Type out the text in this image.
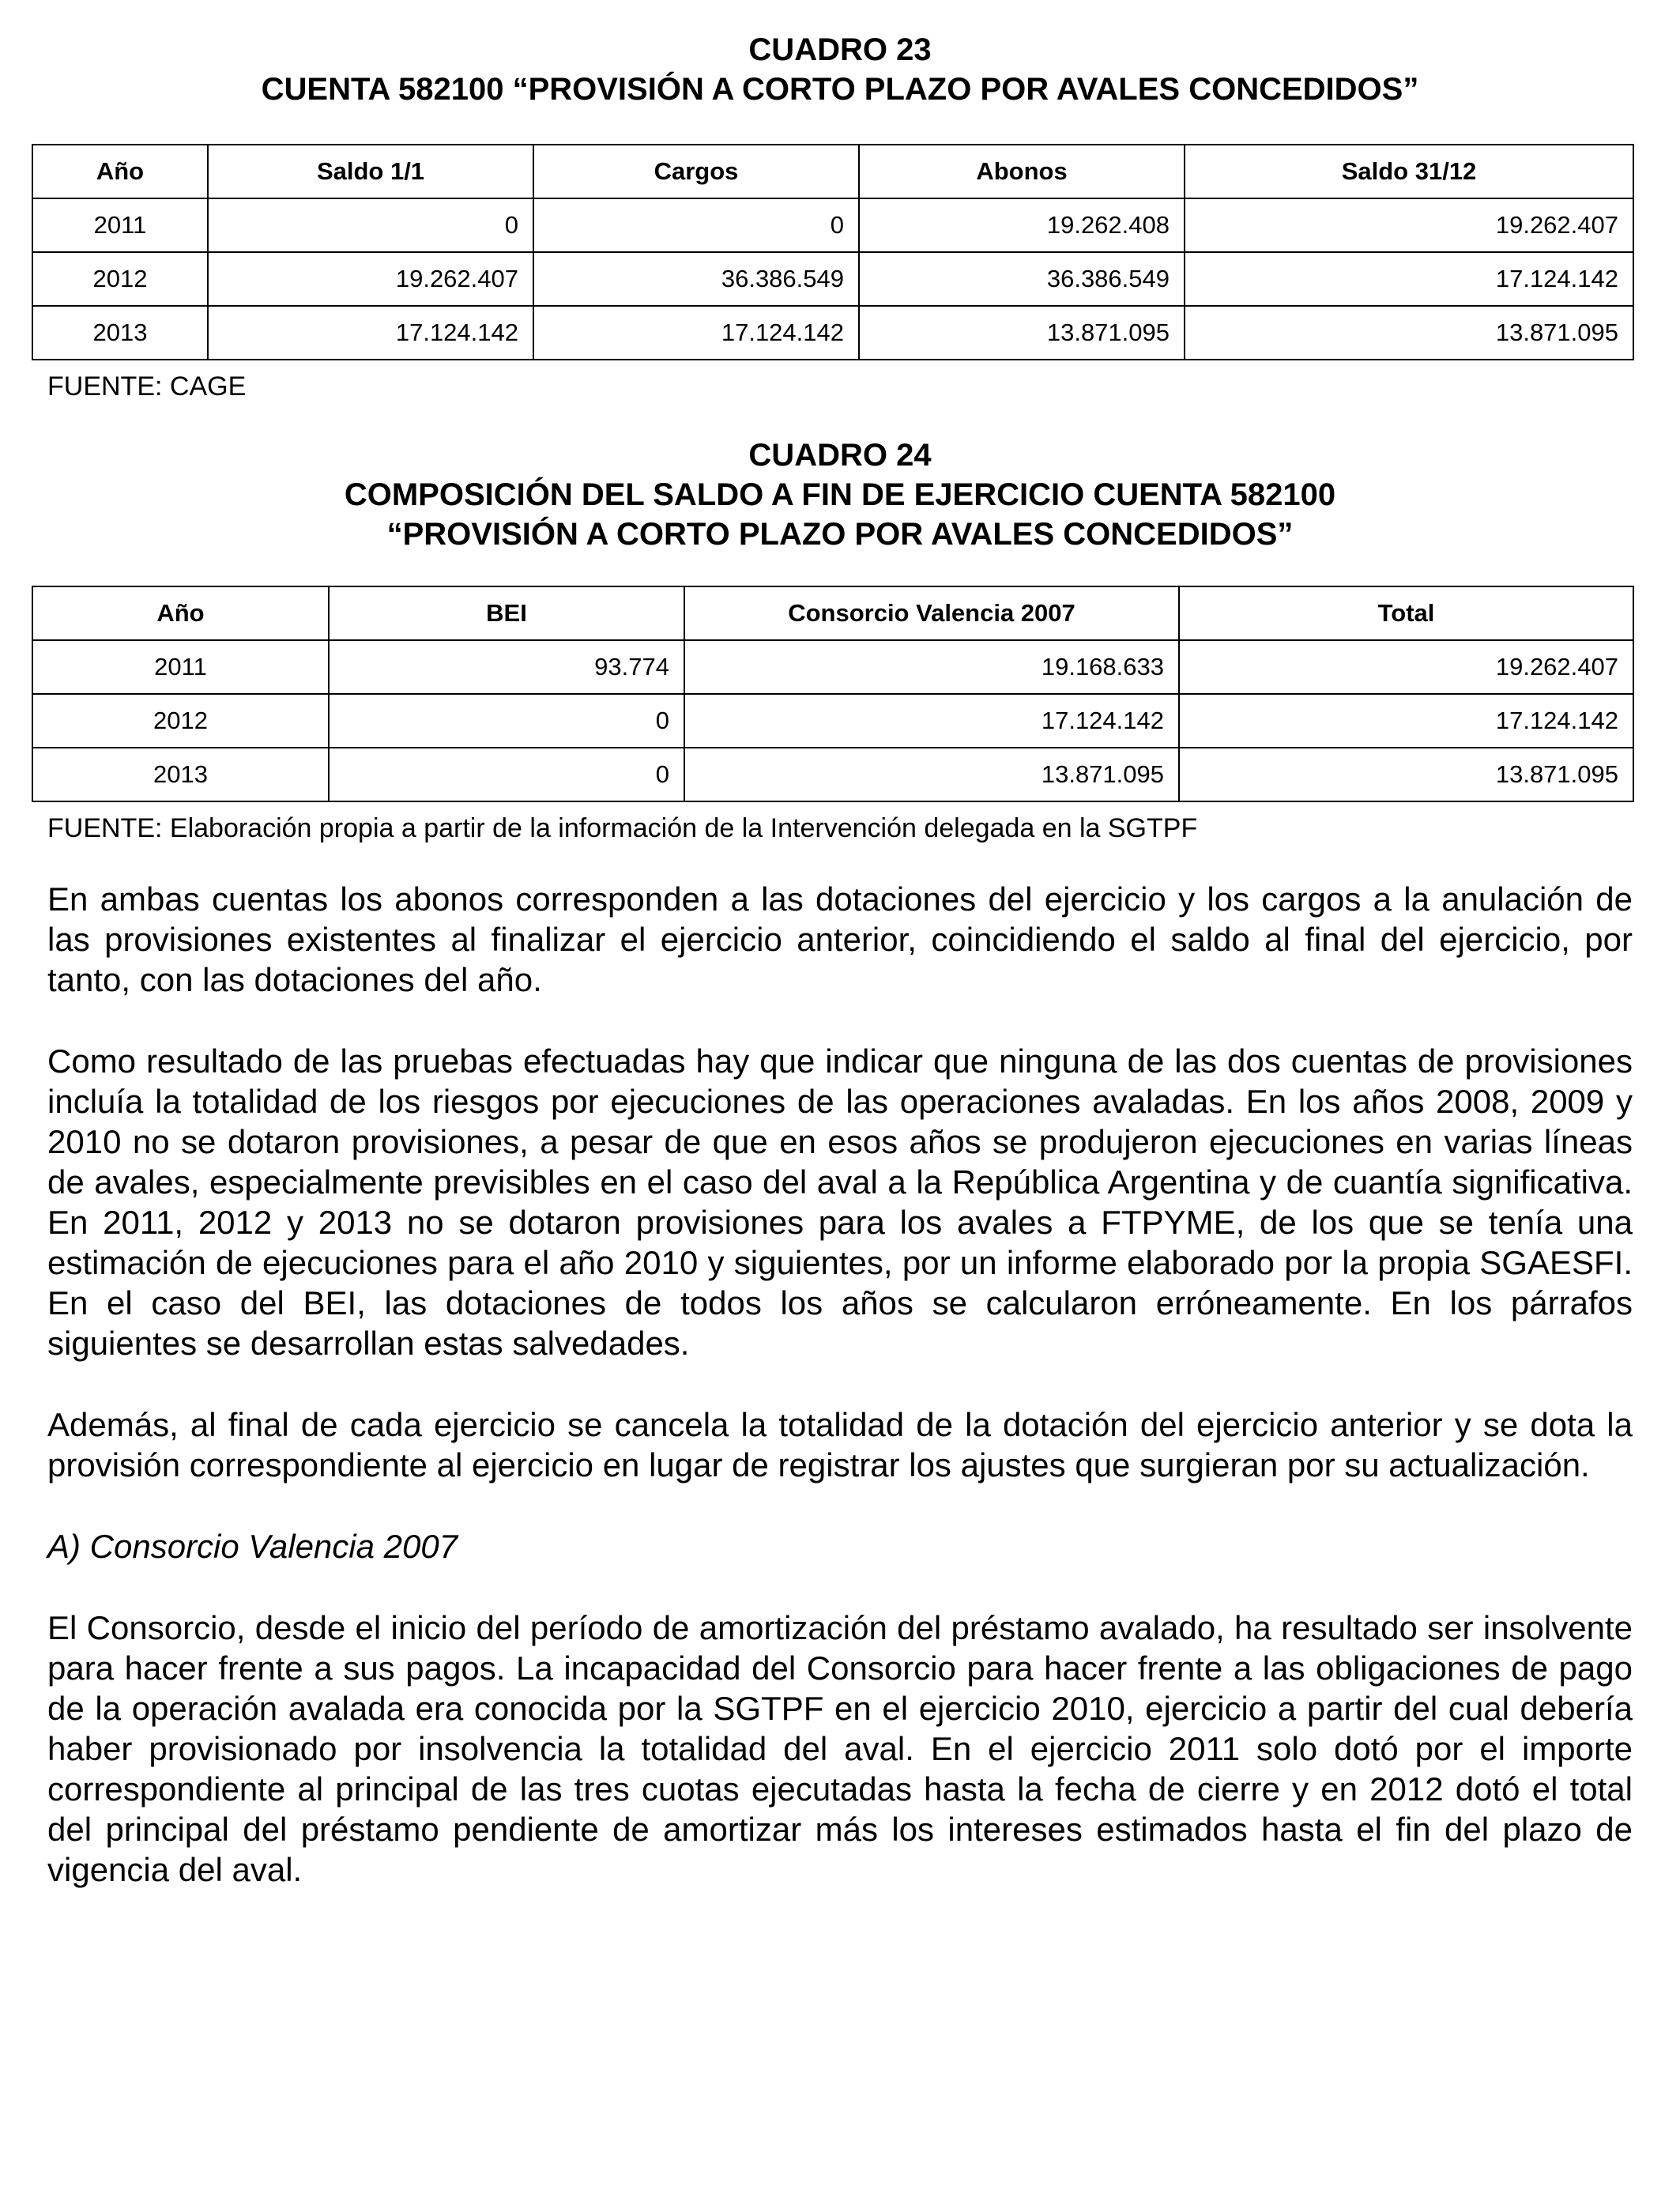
CUADRO 23
CUENTA 582100 “PROVISIÓN A CORTO PLAZO POR AVALES CONCEDIDOS”
Año	Saldo 1/1	Cargos	Abonos	Saldo 31/12
2011	0	0	19.262.408	19.262.407
2012	19.262.407	36.386.549	36.386.549	17.124.142
2013	17.124.142	17.124.142	13.871.095	13.871.095
FUENTE: CAGE
CUADRO 24
COMPOSICIÓN DEL SALDO A FIN DE EJERCICIO CUENTA 582100
“PROVISIÓN A CORTO PLAZO POR AVALES CONCEDIDOS”
Año	BEI	Consorcio Valencia 2007	Total
2011	93.774	19.168.633	19.262.407
2012	0	17.124.142	17.124.142
2013	0	13.871.095	13.871.095
FUENTE: Elaboración propia a partir de la información de la Intervención delegada en la SGTPF

En ambas cuentas los abonos corresponden a las dotaciones del ejercicio y los cargos a la anulación de las provisiones existentes al finalizar el ejercicio anterior, coincidiendo el saldo al final del ejercicio, por tanto, con las dotaciones del año.

Como resultado de las pruebas efectuadas hay que indicar que ninguna de las dos cuentas de provisiones incluía la totalidad de los riesgos por ejecuciones de las operaciones avaladas. En los años 2008, 2009 y 2010 no se dotaron provisiones, a pesar de que en esos años se produjeron ejecuciones en varias líneas de avales, especialmente previsibles en el caso del aval a la República Argentina y de cuantía significativa. En 2011, 2012 y 2013 no se dotaron provisiones para los avales a FTPYME, de los que se tenía una estimación de ejecuciones para el año 2010 y siguientes, por un informe elaborado por la propia SGAESFI. En el caso del BEI, las dotaciones de todos los años se calcularon erróneamente. En los párrafos siguientes se desarrollan estas salvedades.

Además, al final de cada ejercicio se cancela la totalidad de la dotación del ejercicio anterior y se dota la provisión correspondiente al ejercicio en lugar de registrar los ajustes que surgieran por su actualización.

A) Consorcio Valencia 2007

El Consorcio, desde el inicio del período de amortización del préstamo avalado, ha resultado ser insolvente para hacer frente a sus pagos. La incapacidad del Consorcio para hacer frente a las obligaciones de pago de la operación avalada era conocida por la SGTPF en el ejercicio 2010, ejercicio a partir del cual debería haber provisionado por insolvencia la totalidad del aval. En el ejercicio 2011 solo dotó por el importe correspondiente al principal de las tres cuotas ejecutadas hasta la fecha de cierre y en 2012 dotó el total del principal del préstamo pendiente de amortizar más los intereses estimados hasta el fin del plazo de vigencia del aval.
